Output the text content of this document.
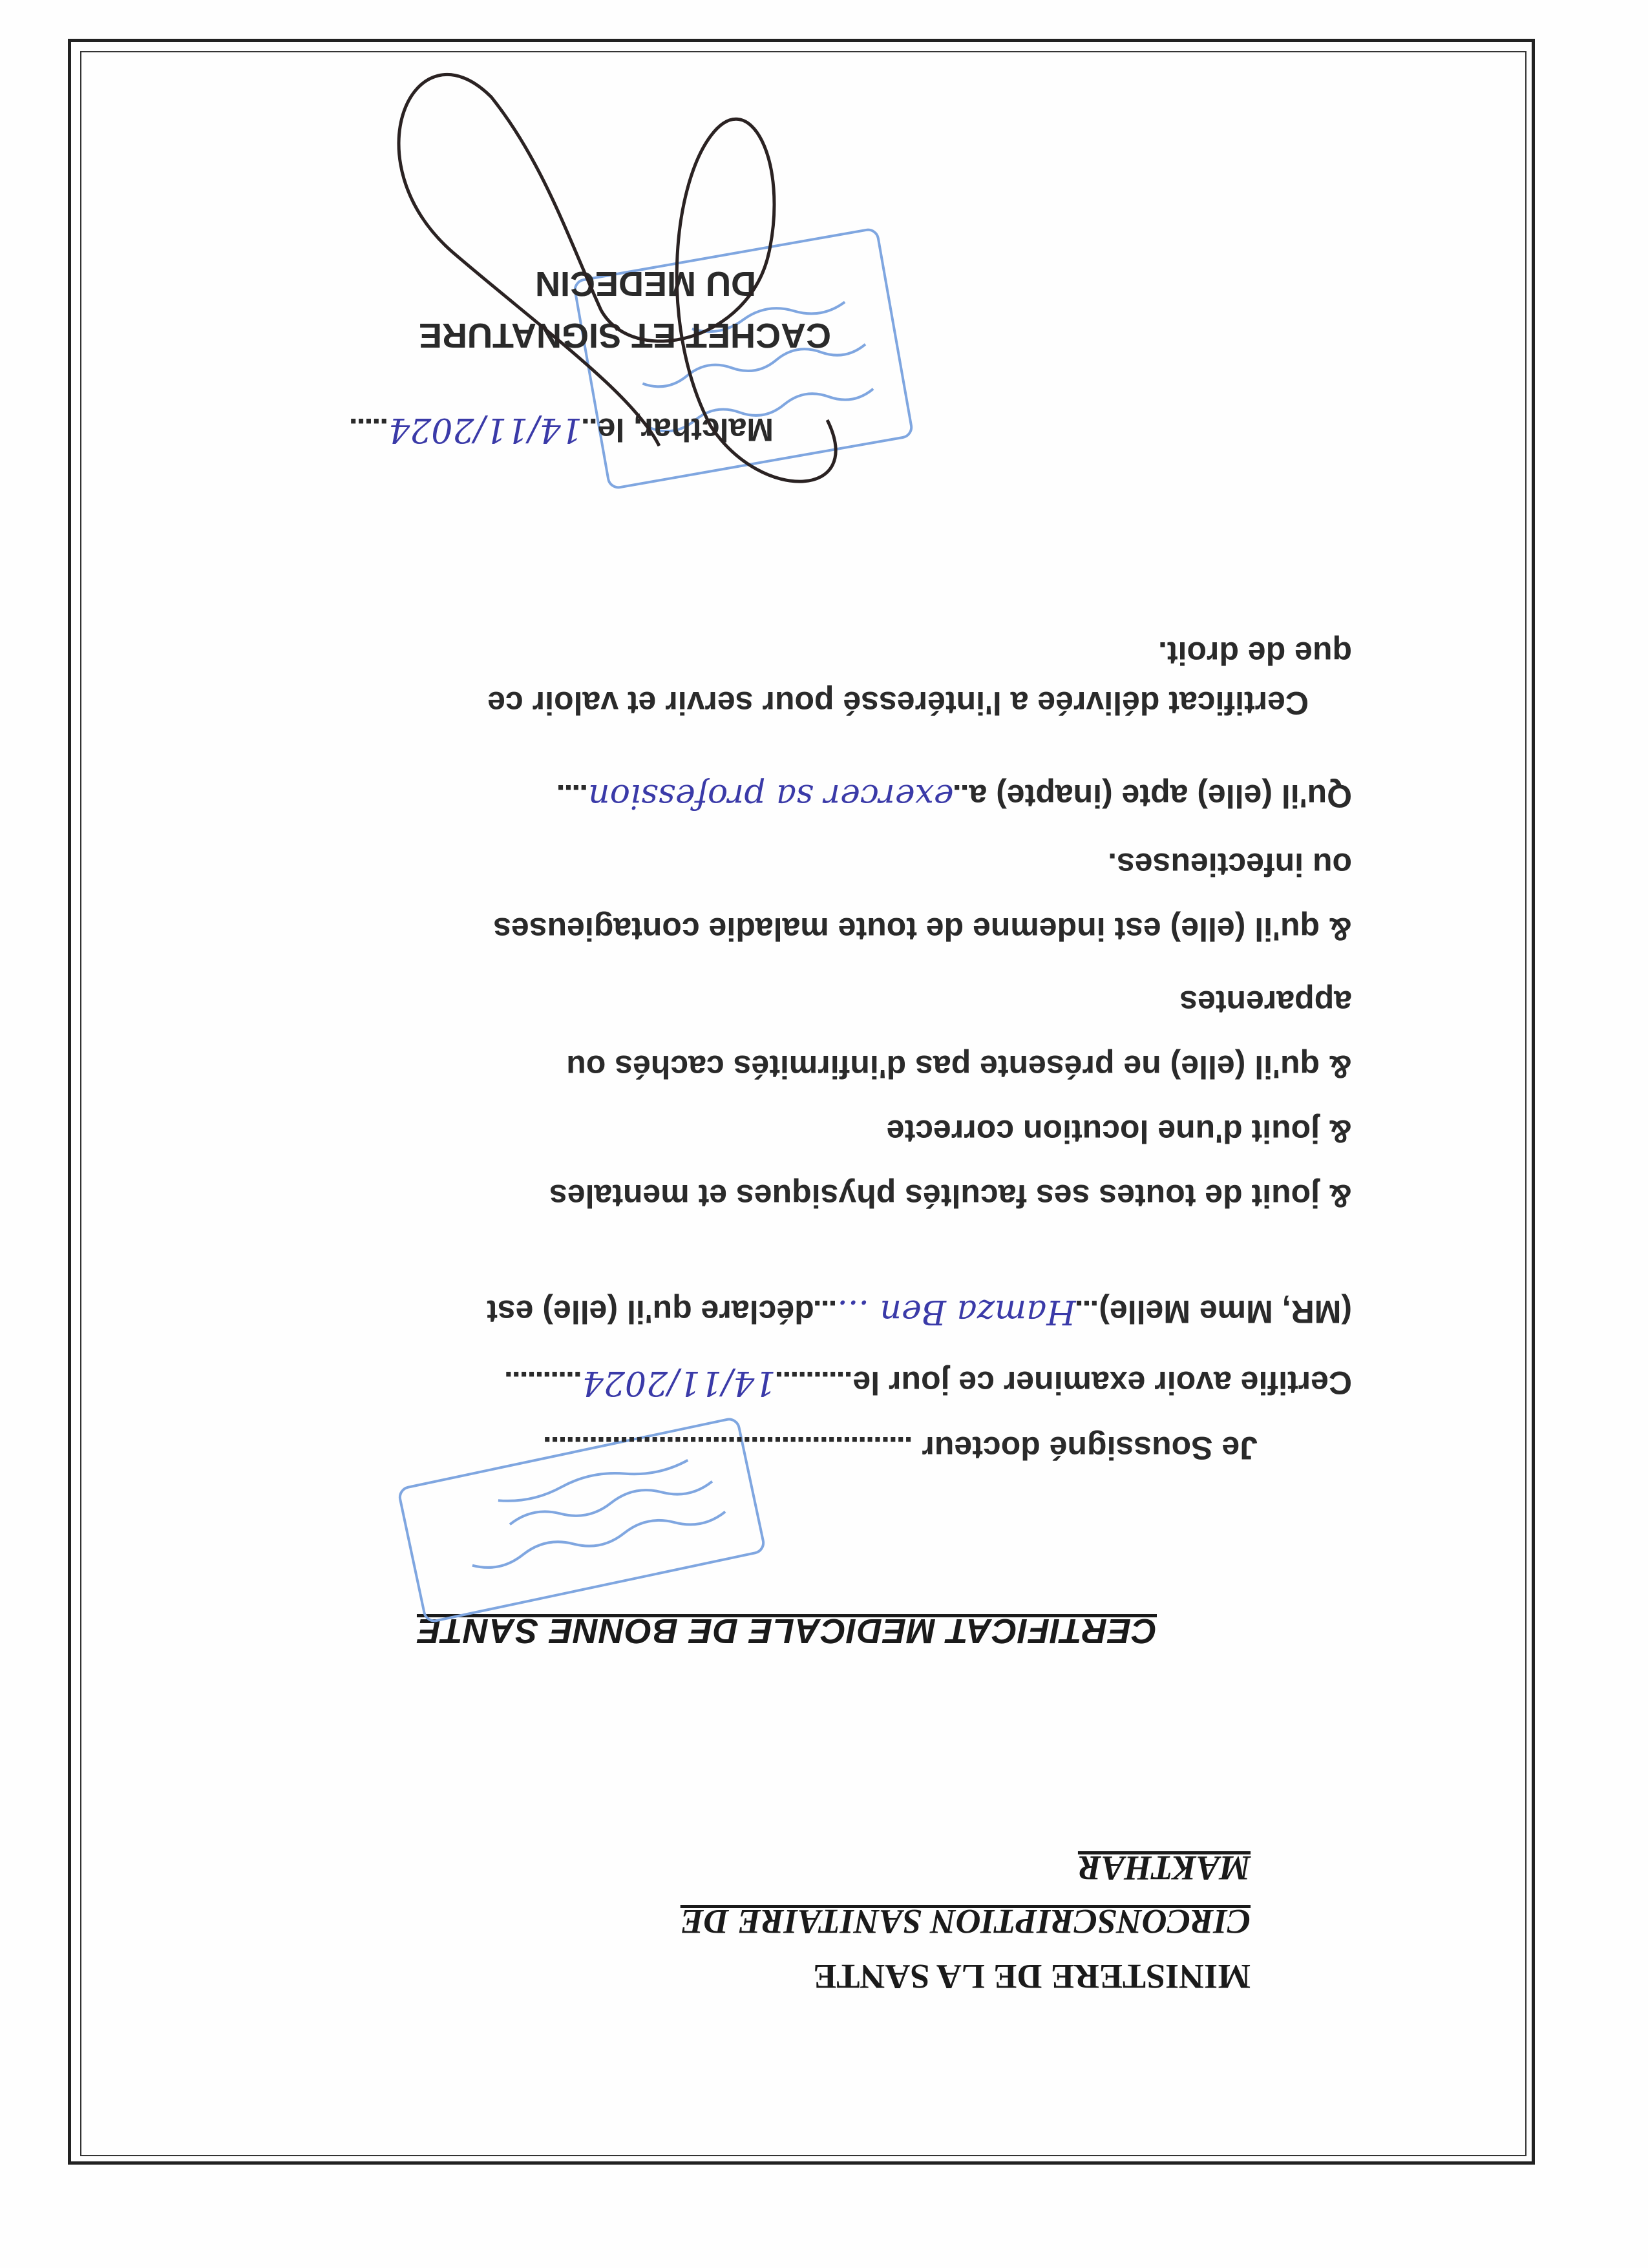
MINISTERE DE LA SANTE
CIRCONSCRIPTION SANITAIRE DE
MAKTHAR
CERTIFICAT MEDICALE DE BONNE SANTE
Je Soussigné docteur ................................................
Certifie avoir examiner ce jour le..........14/11/2024..........
(MR, Mme Melle)...Hamza Ben ......déclare qu'il (elle) est
& jouit de toutes ses facultés physiques et mentales
& jouit d'une locution correcte
& qu'il (elle) ne présente pas d'infirmités cachés ou
apparentes
& qu'il (elle) est indemne de toute maladie contagieuses
ou infectieuses.
Qu'il (elle) apte (inapte) a..exercer sa profession....
Certificat délivrée a l'intéressé pour servir et valoir ce
que de droit.
Malcthar, le..14/11/2024.....
CACHET ET SIGNATURE
DU MEDECIN
